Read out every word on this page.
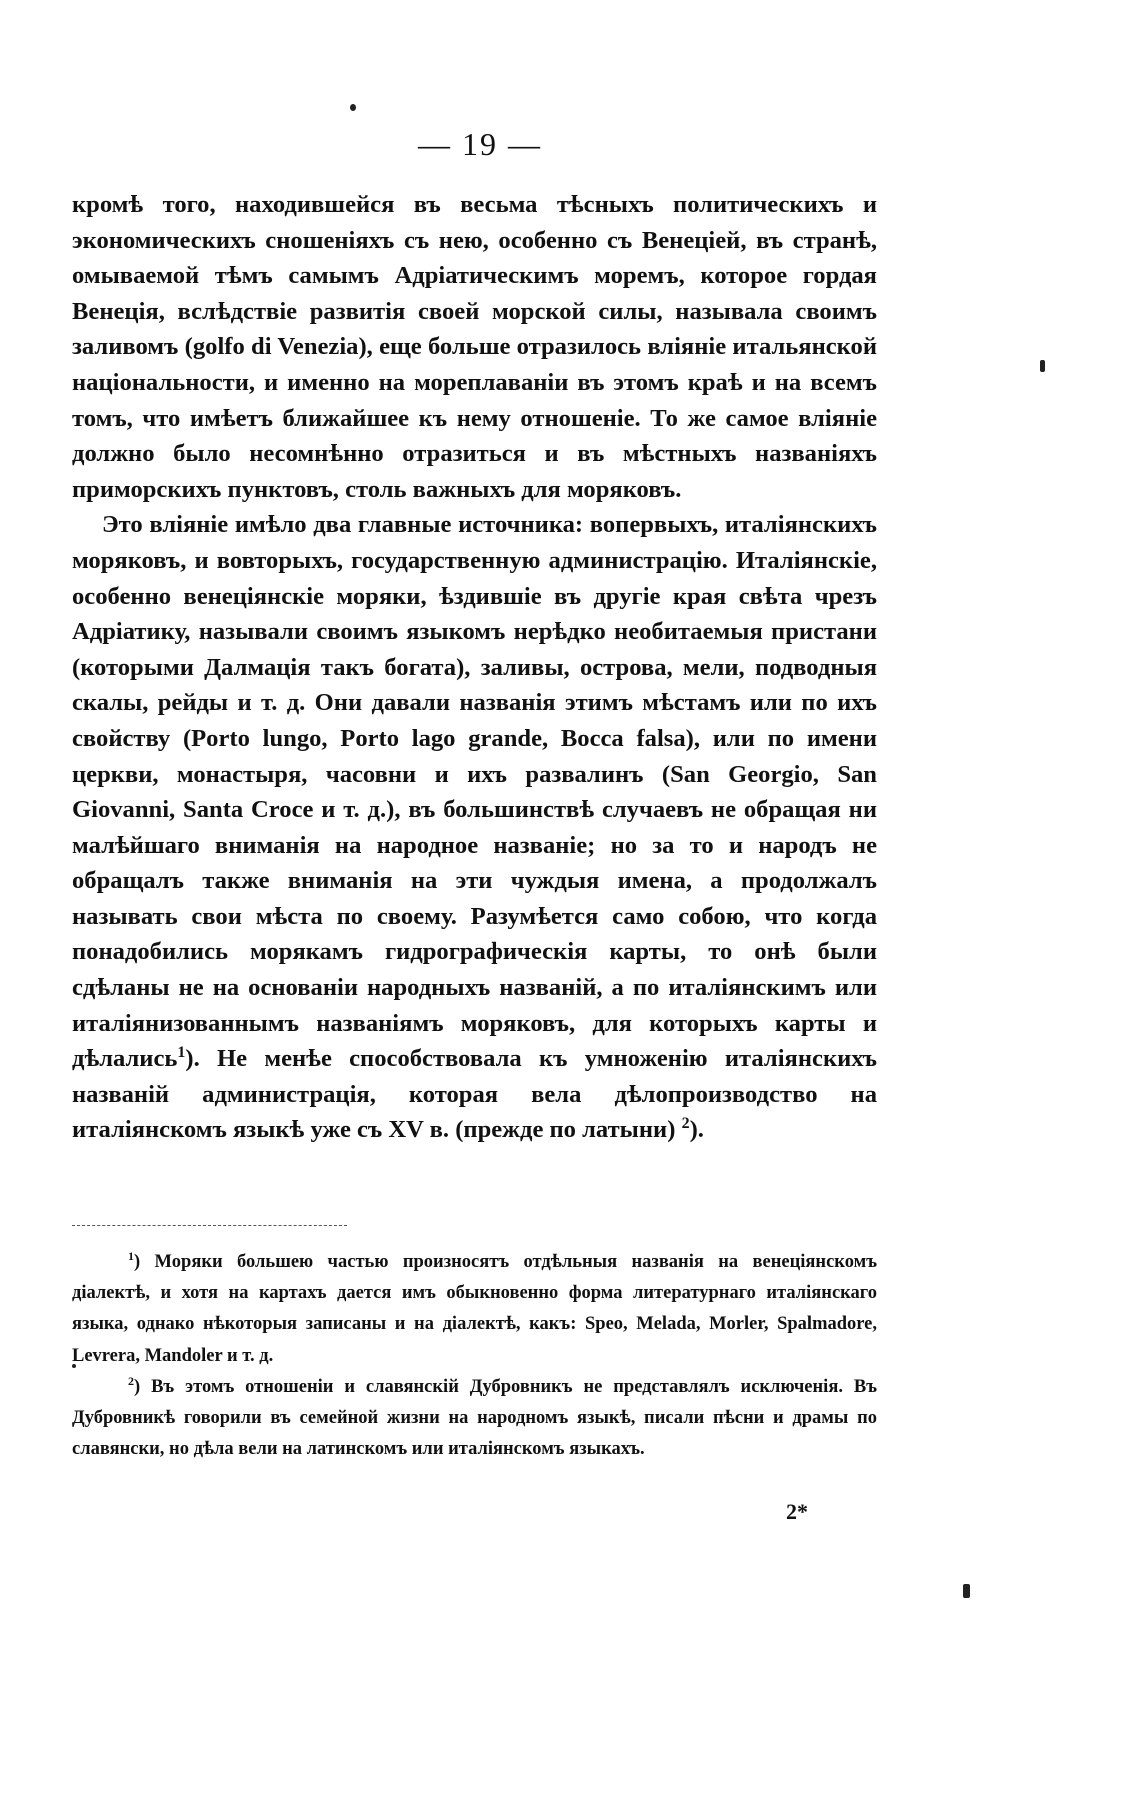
— 19 —

кромѣ того, находившейся въ весьма тѣсныхъ политическихъ и экономическихъ сношеніяхъ съ нею, особенно съ Венеціей, въ странѣ, омываемой тѣмъ самымъ Адріатическимъ моремъ, которое гордая Венеція, вслѣдствіе развитія своей морской силы, называла своимъ заливомъ (golfo di Venezia), еще больше отразилось вліяніе итальянской національности, и именно на мореплаваніи въ этомъ краѣ и на всемъ томъ, что имѣетъ ближайшее къ нему отношеніе. То же самое вліяніе должно было несомнѣнно отразиться и въ мѣстныхъ названіяхъ приморскихъ пунктовъ, столь важныхъ для моряковъ.

Это вліяніе имѣло два главные источника: вопервыхъ, италіянскихъ моряковъ, и вовторыхъ, государственную администрацію. Италіянскіе, особенно венеціянскіе моряки, ѣздившіе въ другіе края свѣта чрезъ Адріатику, называли своимъ языкомъ нерѣдко необитаемыя пристани (которыми Далмація такъ богата), заливы, острова, мели, подводныя скалы, рейды и т. д. Они давали названія этимъ мѣстамъ или по ихъ свойству (Porto lungo, Porto lago grande, Bocca falsa), или по имени церкви, монастыря, часовни и ихъ развалинъ (San Georgio, San Giovanni, Santa Croce и т. д.), въ большинствѣ случаевъ не обращая ни малѣйшаго вниманія на народное названіе; но за то и народъ не обращалъ также вниманія на эти чуждыя имена, а продолжалъ называть свои мѣста по своему. Разумѣется само собою, что когда понадобились морякамъ гидрографическія карты, то онѣ были сдѣланы не на основаніи народныхъ названій, а по италіянскимъ или италіянизованнымъ названіямъ моряковъ, для которыхъ карты и дѣлались$^1$). Не менѣе способствовала къ умноженію италіянскихъ названій администрація, которая вела дѣлопроизводство на италіянскомъ языкѣ уже съ XV в. (прежде по латыни) $^2$).

$^1$) Моряки большею частью произносятъ отдѣльныя названія на венеціянскомъ діалектѣ, и хотя на картахъ дается имъ обыкновенно форма литературнаго италіянскаго языка, однако нѣкоторыя записаны и на діалектѣ, какъ: Spеo, Melada, Morler, Spalmadore, Levrera, Mandoler и т. д.

$^2$) Въ этомъ отношеніи и славянскій Дубровникъ не представлялъ исключенія. Въ Дубровникѣ говорили въ семейной жизни на народномъ языкѣ, писали пѣсни и драмы по славянски, но дѣла вели на латинскомъ или италіянскомъ языкахъ.

2*
